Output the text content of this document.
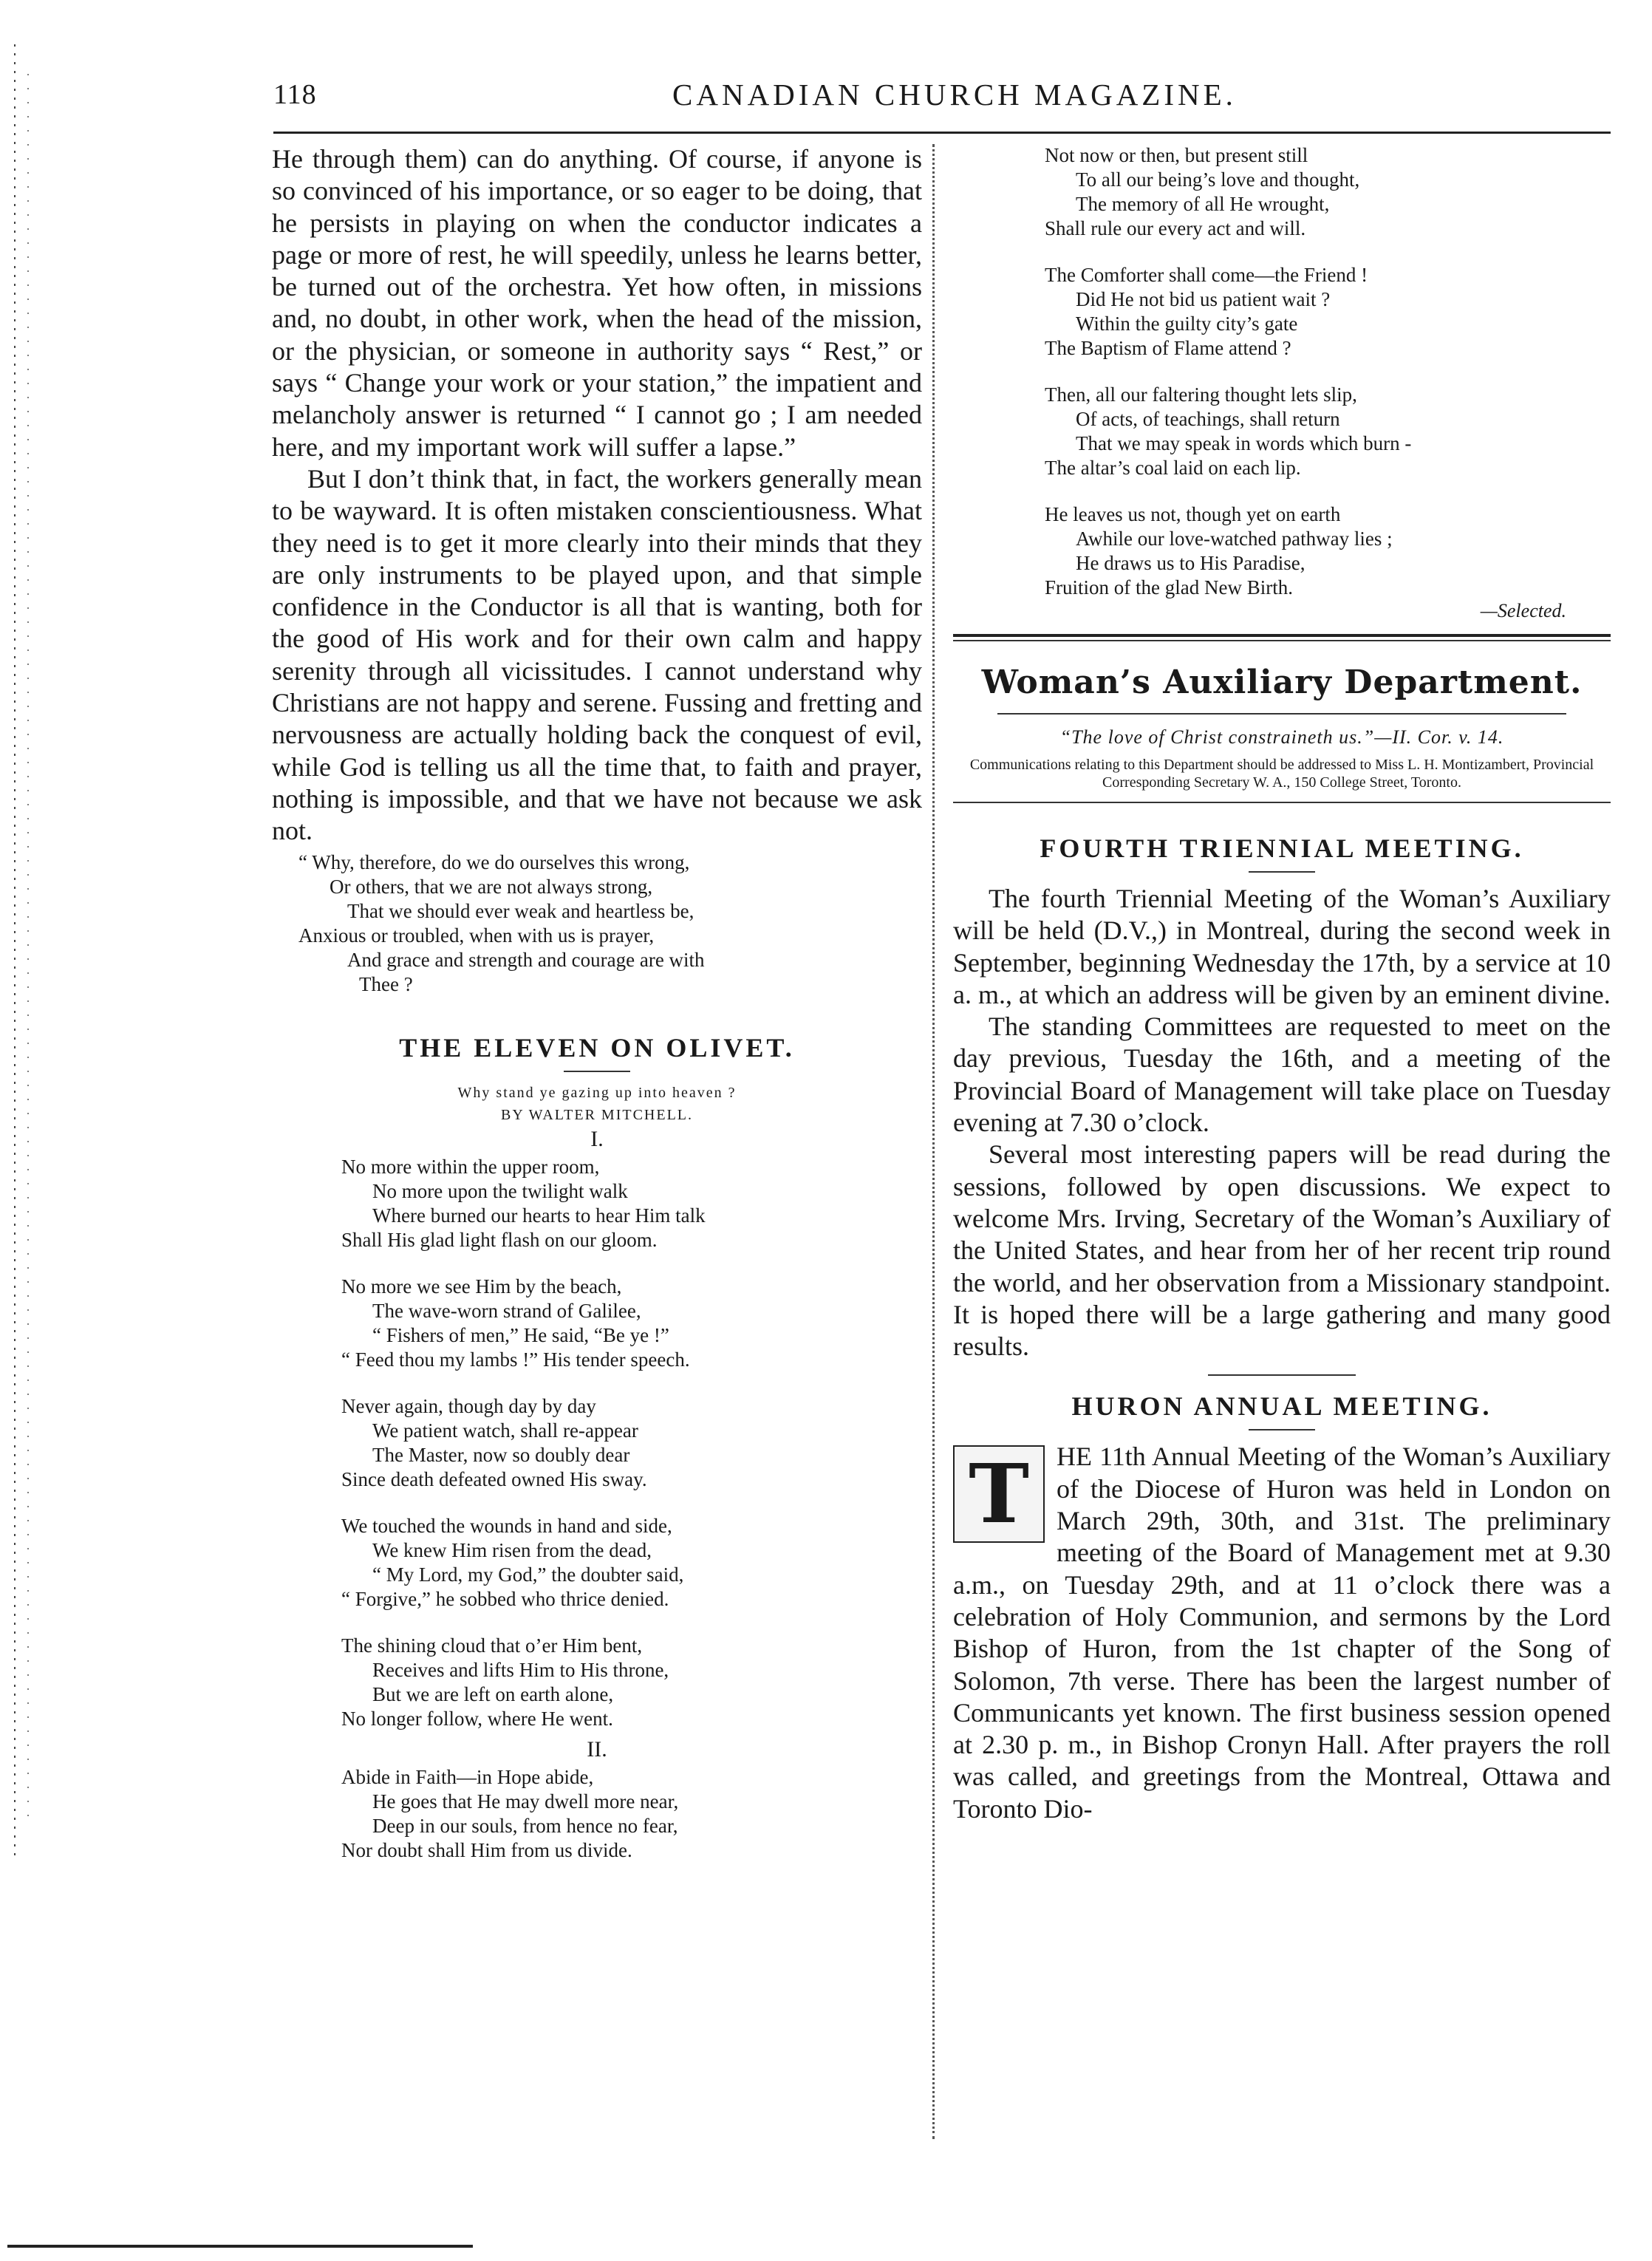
118	CANADIAN CHURCH MAGAZINE.

He through them) can do anything. Of course, if anyone is so convinced of his importance, or so eager to be doing, that he persists in playing on when the conductor indicates a page or more of rest, he will speedily, unless he learns better, be turned out of the orchestra. Yet how often, in missions and, no doubt, in other work, when the head of the mission, or the physician, or someone in authority says “ Rest,” or says “ Change your work or your station,” the impatient and melancholy answer is returned “ I cannot go ; I am needed here, and my important work will suffer a lapse.”

But I don’t think that, in fact, the workers generally mean to be wayward. It is often mistaken conscientiousness. What they need is to get it more clearly into their minds that they are only instruments to be played upon, and that simple confidence in the Conductor is all that is wanting, both for the good of His work and for their own calm and happy serenity through all vicissitudes. I cannot understand why Christians are not happy and serene. Fussing and fretting and nervousness are actually holding back the conquest of evil, while God is telling us all the time that, to faith and prayer, nothing is impossible, and that we have not because we ask not.

“ Why, therefore, do we do ourselves this wrong,
Or others, that we are not always strong,
That we should ever weak and heartless be,
Anxious or troubled, when with us is prayer,
And grace and strength and courage are with
Thee ?
THE ELEVEN ON OLIVET.
Why stand ye gazing up into heaven ?
BY WALTER MITCHELL.
I.
No more within the upper room,
No more upon the twilight walk
Where burned our hearts to hear Him talk
Shall His glad light flash on our gloom.
No more we see Him by the beach,
The wave-worn strand of Galilee,
“ Fishers of men,” He said, “Be ye !”
“ Feed thou my lambs !” His tender speech.
Never again, though day by day
We patient watch, shall re-appear
The Master, now so doubly dear
Since death defeated owned His sway.
We touched the wounds in hand and side,
We knew Him risen from the dead,
“ My Lord, my God,” the doubter said,
“ Forgive,” he sobbed who thrice denied.
The shining cloud that o’er Him bent,
Receives and lifts Him to His throne,
But we are left on earth alone,
No longer follow, where He went.
II.
Abide in Faith—in Hope abide,
He goes that He may dwell more near,
Deep in our souls, from hence no fear,
Nor doubt shall Him from us divide.
Not now or then, but present still
To all our being’s love and thought,
The memory of all He wrought,
Shall rule our every act and will.
The Comforter shall come—the Friend !
Did He not bid us patient wait ?
Within the guilty city’s gate
The Baptism of Flame attend ?
Then, all our faltering thought lets slip,
Of acts, of teachings, shall return
That we may speak in words which burn -
The altar’s coal laid on each lip.
He leaves us not, though yet on earth
Awhile our love-watched pathway lies ;
He draws us to His Paradise,
Fruition of the glad New Birth.
—Selected.
Woman’s Auxiliary Department.
“The love of Christ constraineth us.”—II. Cor. v. 14.
Communications relating to this Department should be addressed to Miss L. H. Montizambert, Provincial Corresponding Secretary W. A., 150 College Street, Toronto.
FOURTH TRIENNIAL MEETING.

The fourth Triennial Meeting of the Woman’s Auxiliary will be held (D.V.,) in Montreal, during the second week in September, beginning Wednesday the 17th, by a service at 10 a. m., at which an address will be given by an eminent divine.

The standing Committees are requested to meet on the day previous, Tuesday the 16th, and a meeting of the Provincial Board of Management will take place on Tuesday evening at 7.30 o’clock.

Several most interesting papers will be read during the sessions, followed by open discussions. We expect to welcome Mrs. Irving, Secretary of the Woman’s Auxiliary of the United States, and hear from her of her recent trip round the world, and her observation from a Missionary standpoint. It is hoped there will be a large gathering and many good results.

HURON ANNUAL MEETING.
T	HE 11th Annual Meeting of the Woman’s Auxiliary of the Diocese of Huron was held in London on March 29th, 30th, and 31st. The preliminary meeting of the Board of Management met at 9.30 a.m., on Tuesday 29th, and at 11 o’clock there was a celebration of Holy Communion, and sermons by the Lord Bishop of Huron, from the 1st chapter of the Song of Solomon, 7th verse. There has been the largest number of Communicants yet known. The first business session opened at 2.30 p. m., in Bishop Cronyn Hall. After prayers the roll was called, and greetings from the Montreal, Ottawa and Toronto Dio-
